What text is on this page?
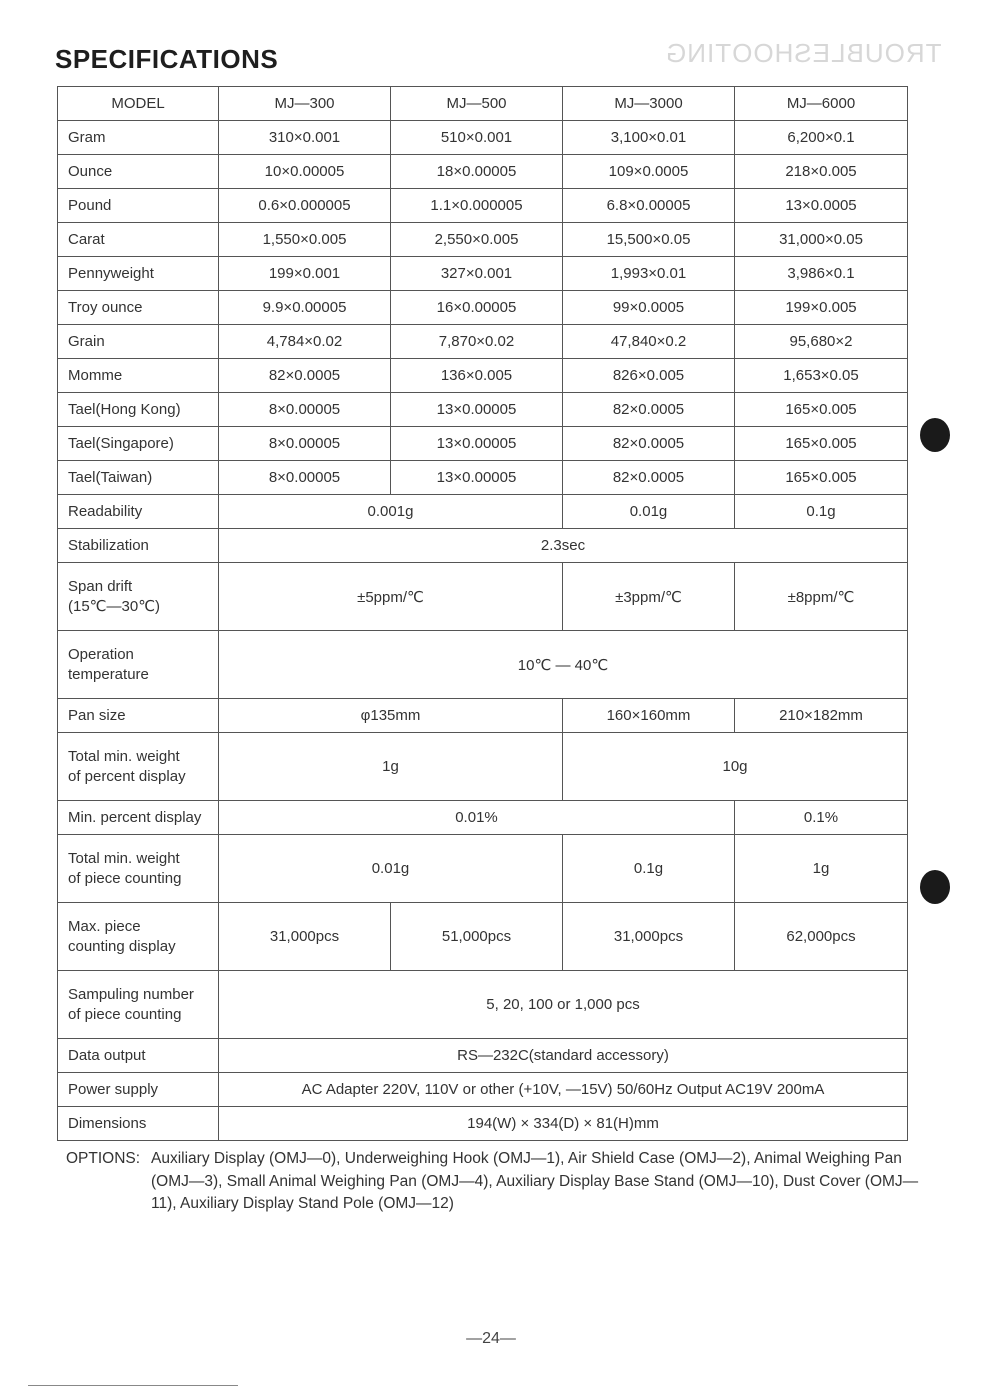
TROUBLESHOOTING
SPECIFICATIONS
MODEL	MJ—300	MJ—500	MJ—3000	MJ—6000
Gram	310×0.001	510×0.001	3,100×0.01	6,200×0.1
Ounce	10×0.00005	18×0.00005	109×0.0005	218×0.005
Pound	0.6×0.000005	1.1×0.000005	6.8×0.00005	13×0.0005
Carat	1,550×0.005	2,550×0.005	15,500×0.05	31,000×0.05
Pennyweight	199×0.001	327×0.001	1,993×0.01	3,986×0.1
Troy ounce	9.9×0.00005	16×0.00005	99×0.0005	199×0.005
Grain	4,784×0.02	7,870×0.02	47,840×0.2	95,680×2
Momme	82×0.0005	136×0.005	826×0.005	1,653×0.05
Tael(Hong Kong)	8×0.00005	13×0.00005	82×0.0005	165×0.005
Tael(Singapore)	8×0.00005	13×0.00005	82×0.0005	165×0.005
Tael(Taiwan)	8×0.00005	13×0.00005	82×0.0005	165×0.005
Readability	0.001g		0.01g	0.1g
Stabilization	2.3sec			

Span drift
(15℃—30℃)	±5ppm/℃		±3ppm/℃	±8ppm/℃

Operation
temperature	10℃ — 40℃			
Pan size	φ135mm		160×160mm	210×182mm

Total min. weight
of percent display	1g		10g	
Min. percent display	0.01%			0.1%

Total min. weight
of piece counting	0.01g		0.1g	1g

Max. piece
counting display	31,000pcs	51,000pcs	31,000pcs	62,000pcs

Sampuling number
of piece counting	5, 20, 100 or 1,000 pcs			
Data output	RS—232C(standard accessory)			
Power supply	AC Adapter 220V, 110V or other (+10V, —15V) 50/60Hz Output AC19V 200mA			
Dimensions	194(W) × 334(D) × 81(H)mm			
OPTIONS: Auxiliary Display (OMJ—0), Underweighing Hook (OMJ—1), Air Shield Case (OMJ—2), Animal Weighing Pan (OMJ—3), Small Animal Weighing Pan (OMJ—4), Auxiliary Display Base Stand (OMJ—10), Dust Cover (OMJ—11), Auxiliary Display Stand Pole (OMJ—12)
—24—
